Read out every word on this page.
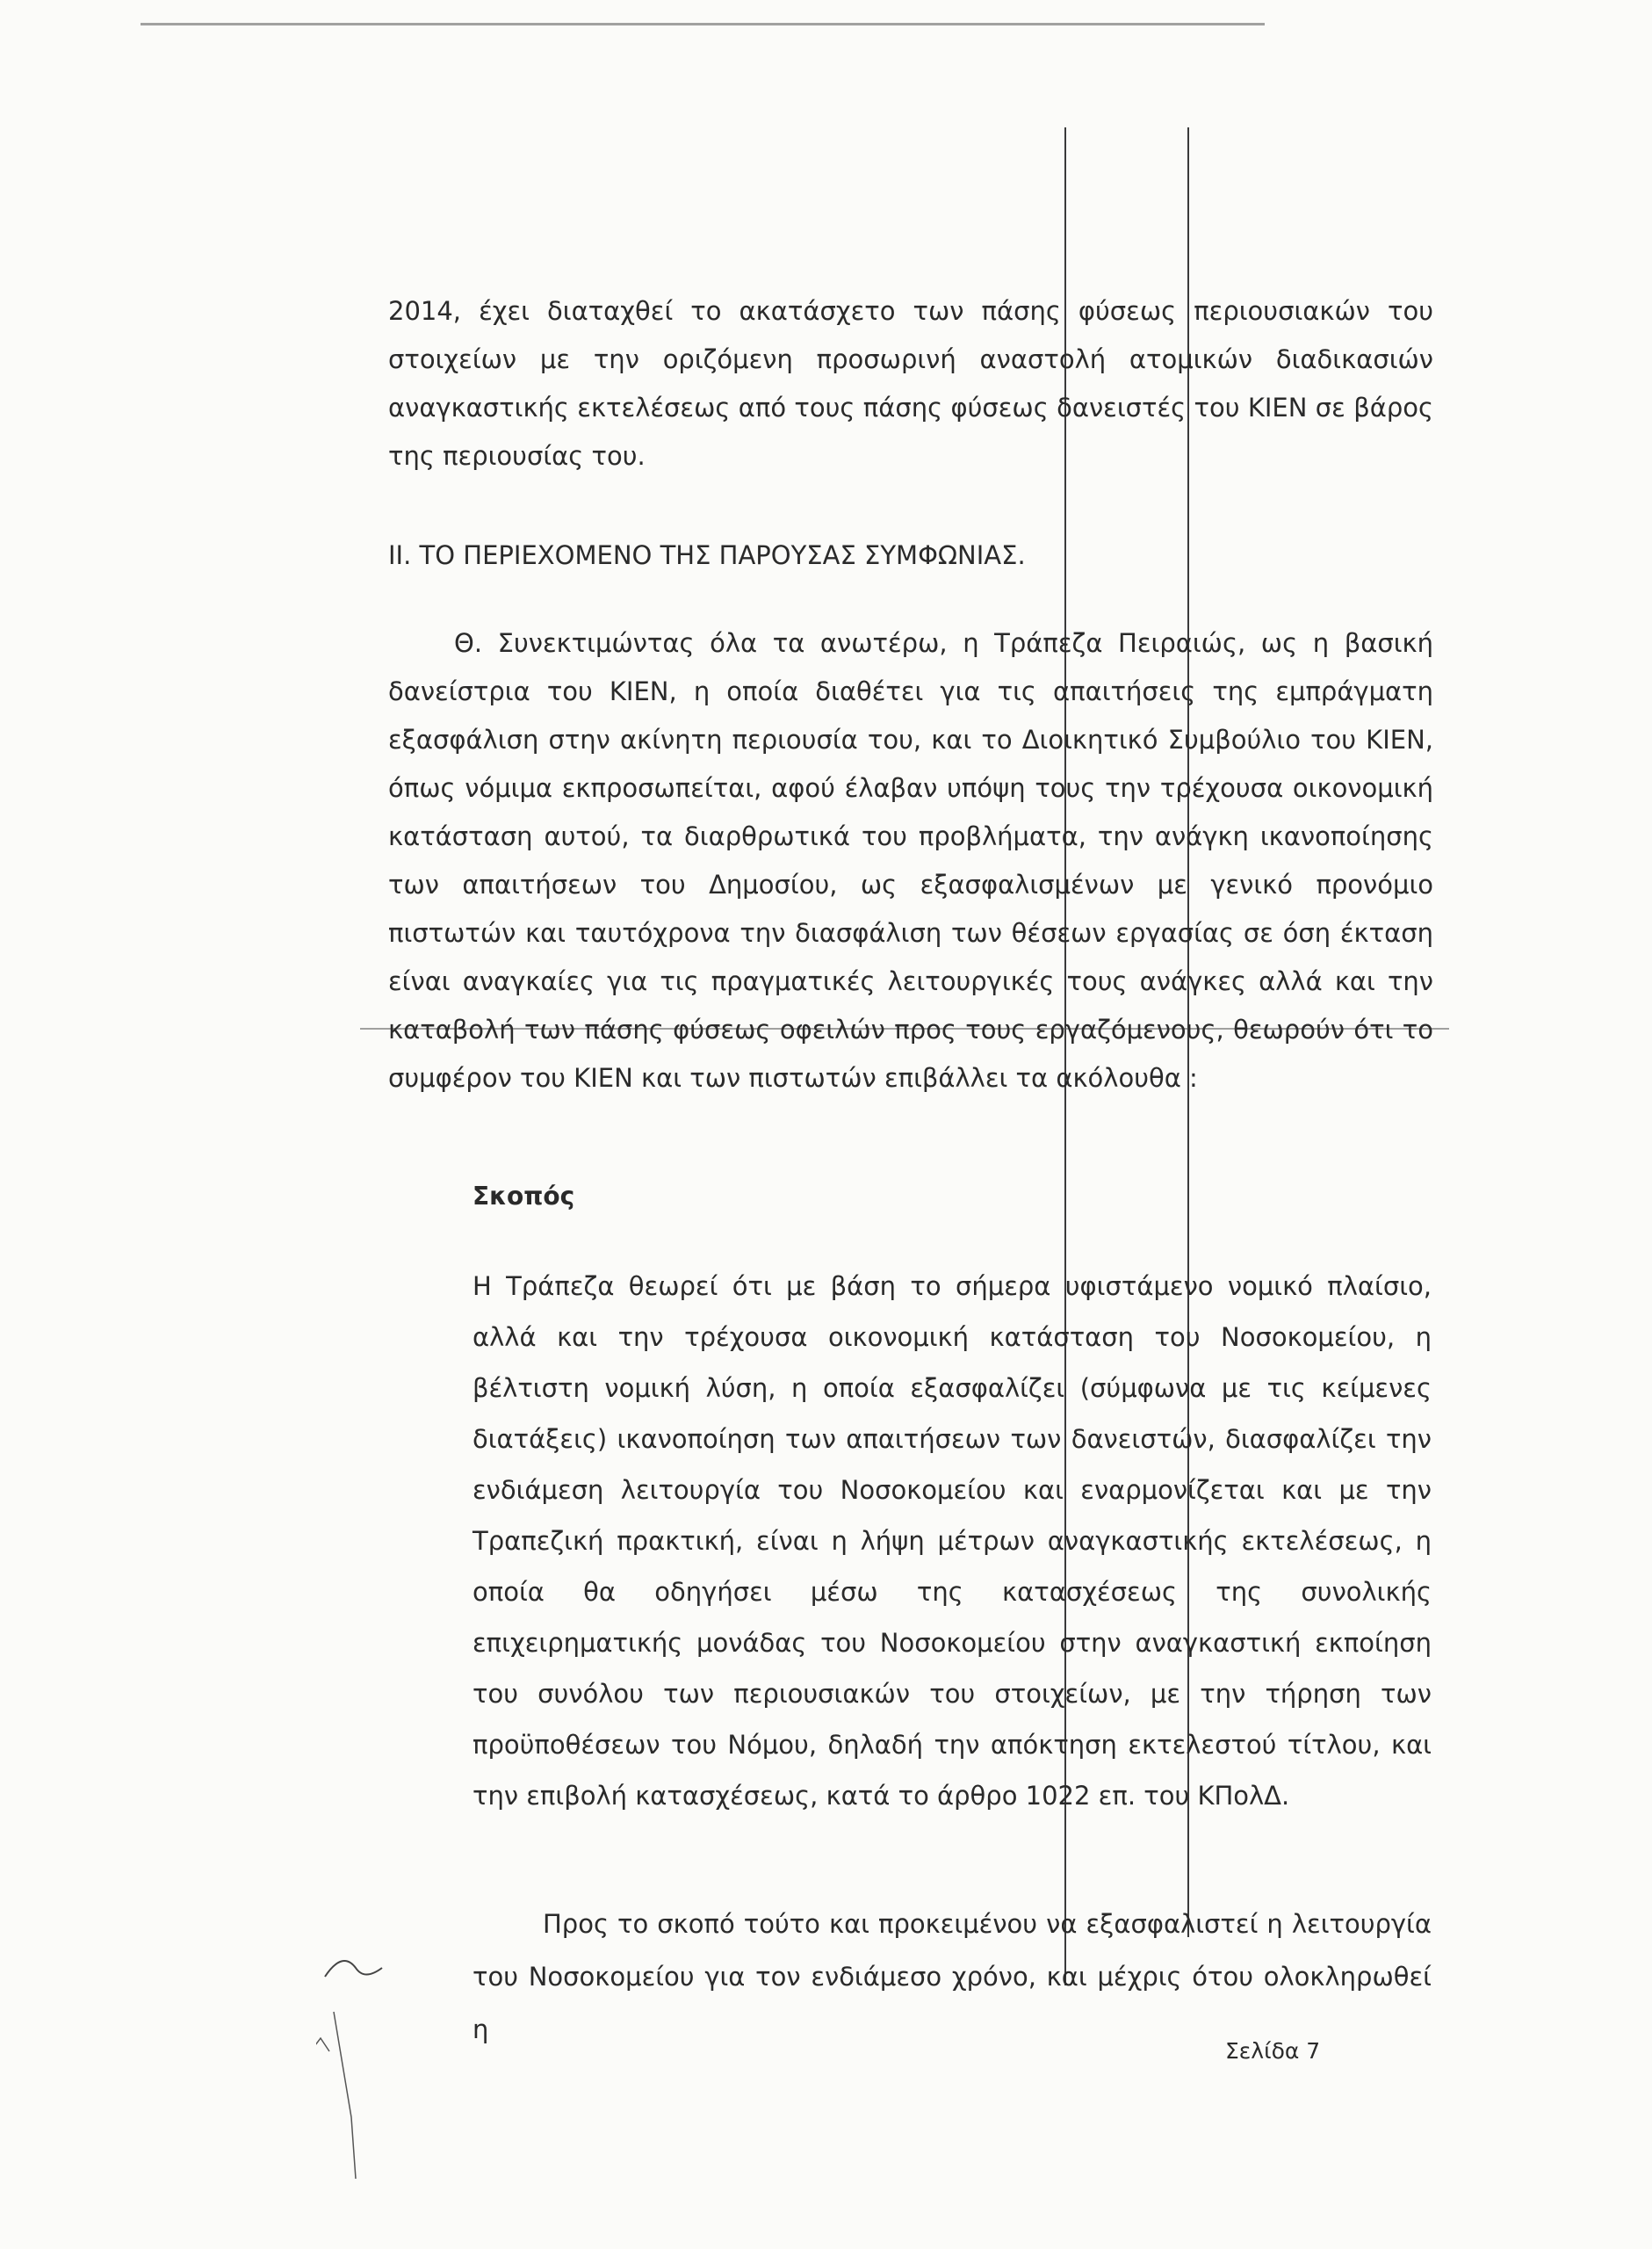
2014, έχει διαταχθεί το ακατάσχετο των πάσης φύσεως περιουσιακών του στοιχείων με την οριζόμενη προσωρινή αναστολή ατομικών διαδικασιών αναγκαστικής εκτελέσεως από τους πάσης φύσεως δανειστές του ΚΙΕΝ σε βάρος της περιουσίας του.
ΙΙ. ΤΟ ΠΕΡΙΕΧΟΜΕΝΟ ΤΗΣ ΠΑΡΟΥΣΑΣ ΣΥΜΦΩΝΙΑΣ.
Θ. Συνεκτιμώντας όλα τα ανωτέρω, η Τράπεζα Πειραιώς, ως η βασική δανείστρια του ΚΙΕΝ, η οποία διαθέτει για τις απαιτήσεις της εμπράγματη εξασφάλιση στην ακίνητη περιουσία του, και το Διοικητικό Συμβούλιο του ΚΙΕΝ, όπως νόμιμα εκπροσωπείται, αφού έλαβαν υπόψη τους την τρέχουσα οικονομική κατάσταση αυτού, τα διαρθρωτικά του προβλήματα, την ανάγκη ικανοποίησης των απαιτήσεων του Δημοσίου, ως εξασφαλισμένων με γενικό προνόμιο πιστωτών και ταυτόχρονα την διασφάλιση των θέσεων εργασίας σε όση έκταση είναι αναγκαίες για τις πραγματικές λειτουργικές τους ανάγκες αλλά και την καταβολή των πάσης φύσεως οφειλών προς τους εργαζόμενους, θεωρούν ότι το συμφέρον του ΚΙΕΝ και των πιστωτών επιβάλλει τα ακόλουθα :
Σκοπός
Η Τράπεζα θεωρεί ότι με βάση το σήμερα υφιστάμενο νομικό πλαίσιο, αλλά και την τρέχουσα οικονομική κατάσταση του Νοσοκομείου, η βέλτιστη νομική λύση, η οποία εξασφαλίζει (σύμφωνα με τις κείμενες διατάξεις) ικανοποίηση των απαιτήσεων των δανειστών, διασφαλίζει την ενδιάμεση λειτουργία του Νοσοκομείου και εναρμονίζεται και με την Τραπεζική πρακτική, είναι η λήψη μέτρων αναγκαστικής εκτελέσεως, η οποία θα οδηγήσει μέσω της κατασχέσεως της συνολικής επιχειρηματικής μονάδας του Νοσοκομείου στην αναγκαστική εκποίηση του συνόλου των περιουσιακών του στοιχείων, με την τήρηση των προϋποθέσεων του Νόμου, δηλαδή την απόκτηση εκτελεστού τίτλου, και την επιβολή κατασχέσεως, κατά το άρθρο 1022 επ. του ΚΠολΔ.
Προς το σκοπό τούτο και προκειμένου να εξασφαλιστεί η λειτουργία του Νοσοκομείου για τον ενδιάμεσο χρόνο, και μέχρις ότου ολοκληρωθεί η
Σελίδα 7
